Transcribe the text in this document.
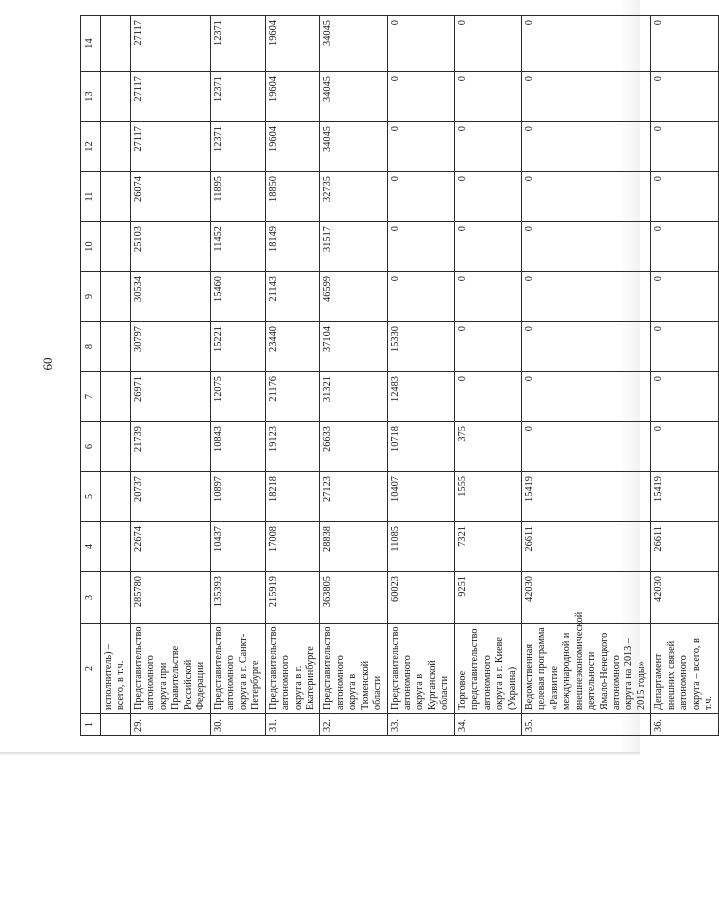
60
1	2	3	4	5	6	7	8	9	10	11	12	13	14
	исполнитель) – всего, в т.ч.												
29.	Представительство автономного округа при Правительстве Российской Федерации	285780	22674	20737	21739	26971	30797	30534	25103	26074	27117	27117	27117
30.	Представительство автономного округа в г. Санкт-Петербурге	135393	10437	10897	10843	12075	15221	15460	11452	11895	12371	12371	12371
31.	Представительство автономного округа в г. Екатеринбурге	215919	17008	18218	19123	21176	23440	21143	18149	18850	19604	19604	19604
32.	Представительство автономного округа в Тюменской области	363805	28838	27123	26633	31321	37104	46599	31517	32735	34045	34045	34045
33.	Представительство автономного округа в Курганской области	60023	11085	10407	10718	12483	15330	0	0	0	0	0	0
34.	Торговое представительство автономного округа в г. Киеве (Украина)	9251	7321	1555	375	0	0	0	0	0	0	0	0
35.	Ведомственная целевая программа «Развитие международной и внешнеэкономической деятельности Ямало-Ненецкого автономного округа на 2013 – 2015 годы»	42030	26611	15419	0	0	0	0	0	0	0	0	0
36.	Департамент внешних связей автономного округа – всего, в т.ч.	42030	26611	15419	0	0	0	0	0	0	0	0	0
